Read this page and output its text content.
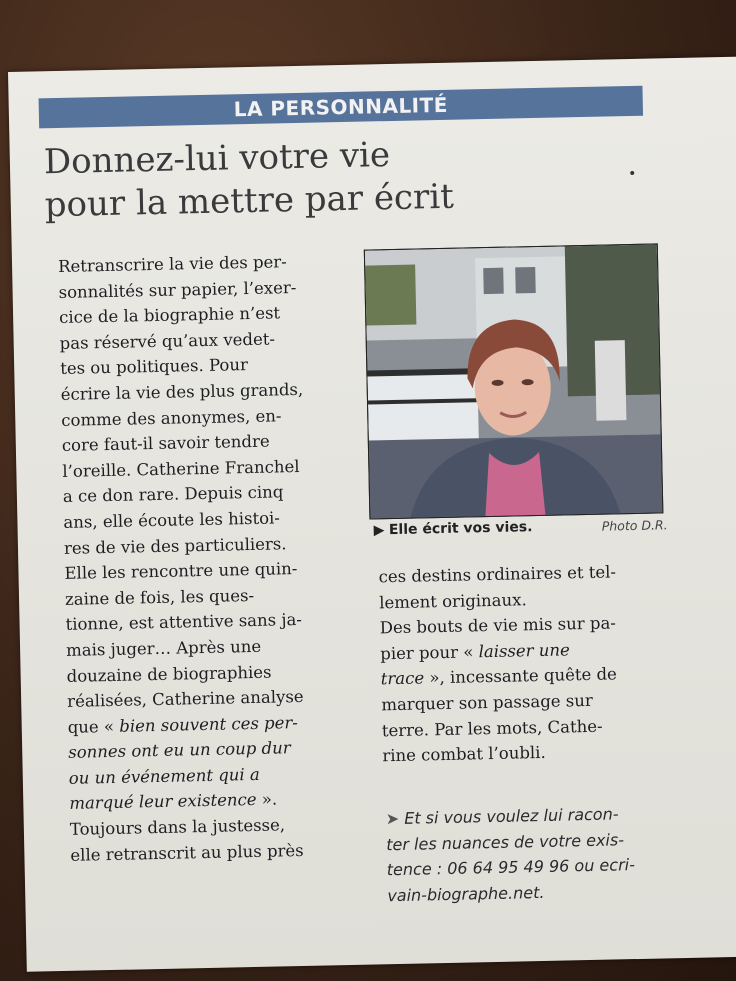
LA PERSONNALITÉ
Donnez-lui votre vie
pour la mettre par écrit

Retranscrire la vie des per-

sonnalités sur papier, l’exer-

cice de la biographie n’est

pas réservé qu’aux vedet-

tes ou politiques. Pour

écrire la vie des plus grands,

comme des anonymes, en-

core faut-il savoir tendre

l’oreille. Catherine Franchel

a ce don rare. Depuis cinq

ans, elle écoute les histoi-

res de vie des particuliers.

Elle les rencontre une quin-

zaine de fois, les ques-

tionne, est attentive sans ja-

mais juger… Après une

douzaine de biographies

réalisées, Catherine analyse

que « bien souvent ces per-

sonnes ont eu un coup dur

ou un événement qui a

marqué leur existence ».

Toujours dans la justesse,

elle retranscrit au plus près

▶ Elle écrit vos vies.	Photo D.R.

ces destins ordinaires et tel-

lement originaux.

Des bouts de vie mis sur pa-

pier pour « laisser une

trace », incessante quête de

marquer son passage sur

terre. Par les mots, Cathe-

rine combat l’oubli.

➤ Et si vous voulez lui racon-
ter les nuances de votre exis-
tence : 06 64 95 49 96 ou ecri-
vain-biographe.net.
